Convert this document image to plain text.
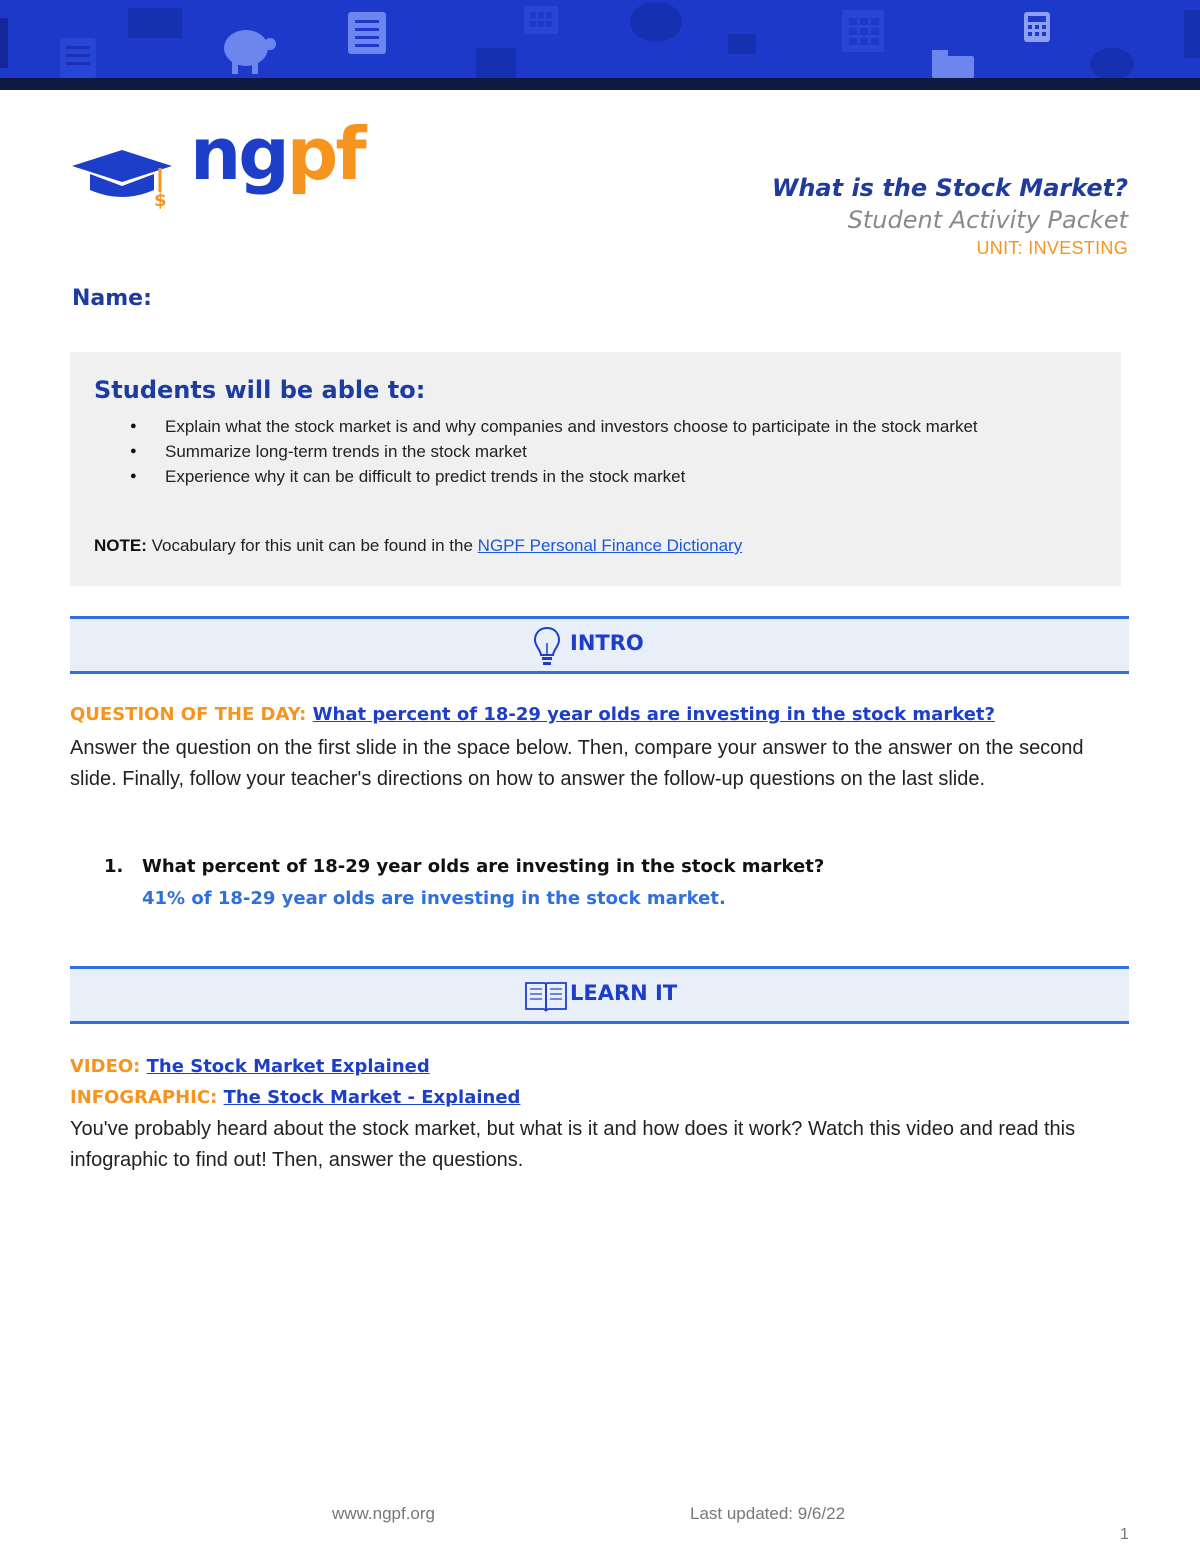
$
ngpf	What is the Stock Market?
Student Activity Packet
UNIT: INVESTING
Name:
Students will be able to:
● Explain what the stock market is and why companies and investors choose to participate in the stock market
● Summarize long-term trends in the stock market
● Experience why it can be difficult to predict trends in the stock market
NOTE: Vocabulary for this unit can be found in the NGPF Personal Finance Dictionary
INTRO
QUESTION OF THE DAY: What percent of 18-29 year olds are investing in the stock market?
Answer the question on the first slide in the space below. Then, compare your answer to the answer on the second slide. Finally, follow your teacher's directions on how to answer the follow-up questions on the last slide.
1. What percent of 18-29 year olds are investing in the stock market?
41% of 18-29 year olds are investing in the stock market.
LEARN IT
VIDEO: The Stock Market Explained
INFOGRAPHIC: The Stock Market - Explained
You've probably heard about the stock market, but what is it and how does it work? Watch this video and read this infographic to find out! Then, answer the questions.
www.ngpf.org	Last updated: 9/6/22
1
